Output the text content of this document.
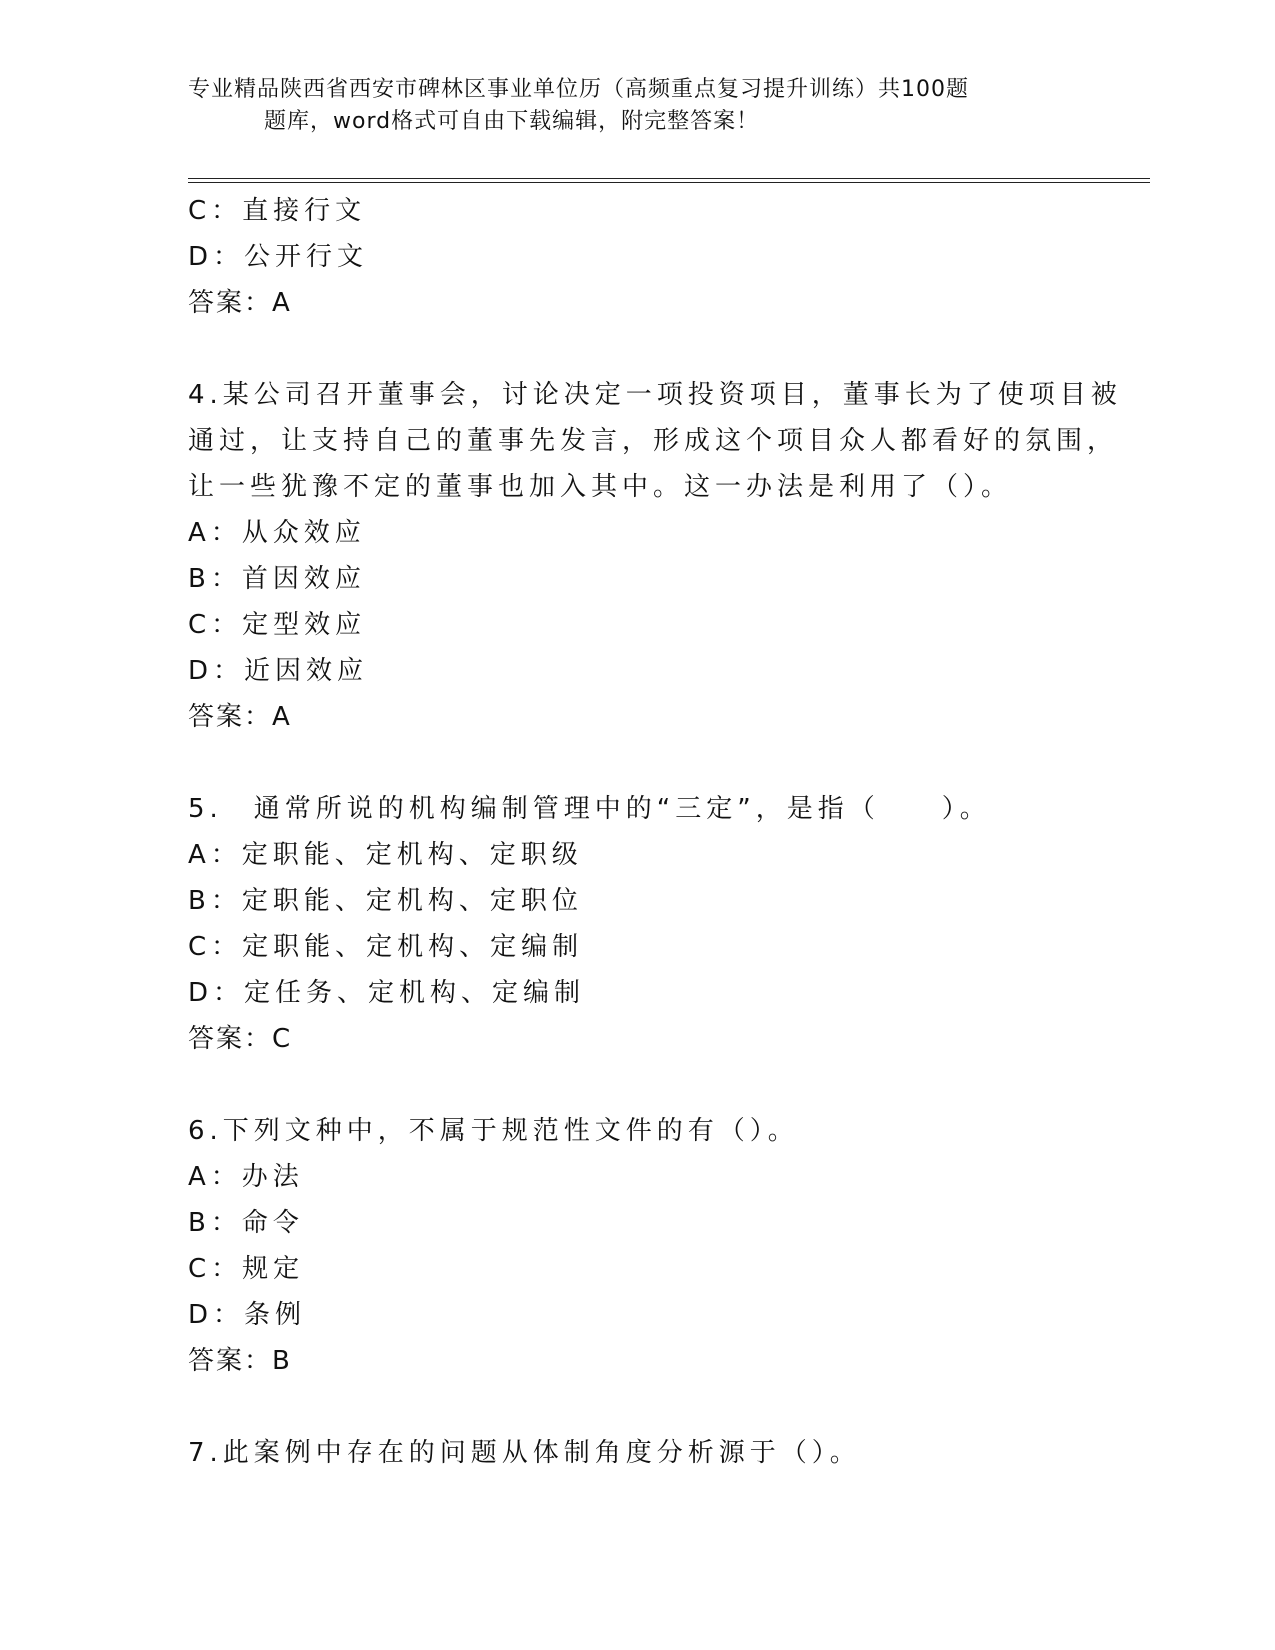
专业精品陕西省西安市碑林区事业单位历（高频重点复习提升训练）共100题
题库，word格式可自由下载编辑，附完整答案！
C：直接行文
D：公开行文
答案：A
4.某公司召开董事会，讨论决定一项投资项目，董事长为了使项目被
通过，让支持自己的董事先发言，形成这个项目众人都看好的氛围，
让一些犹豫不定的董事也加入其中。这一办法是利用了（）。
A：从众效应
B：首因效应
C：定型效应
D：近因效应
答案：A
5.　通常所说的机构编制管理中的“三定”，是指（　　）。
A：定职能、定机构、定职级
B：定职能、定机构、定职位
C：定职能、定机构、定编制
D：定任务、定机构、定编制
答案：C
6.下列文种中，不属于规范性文件的有（）。
A：办法
B：命令
C：规定
D：条例
答案：B
7.此案例中存在的问题从体制角度分析源于（）。
